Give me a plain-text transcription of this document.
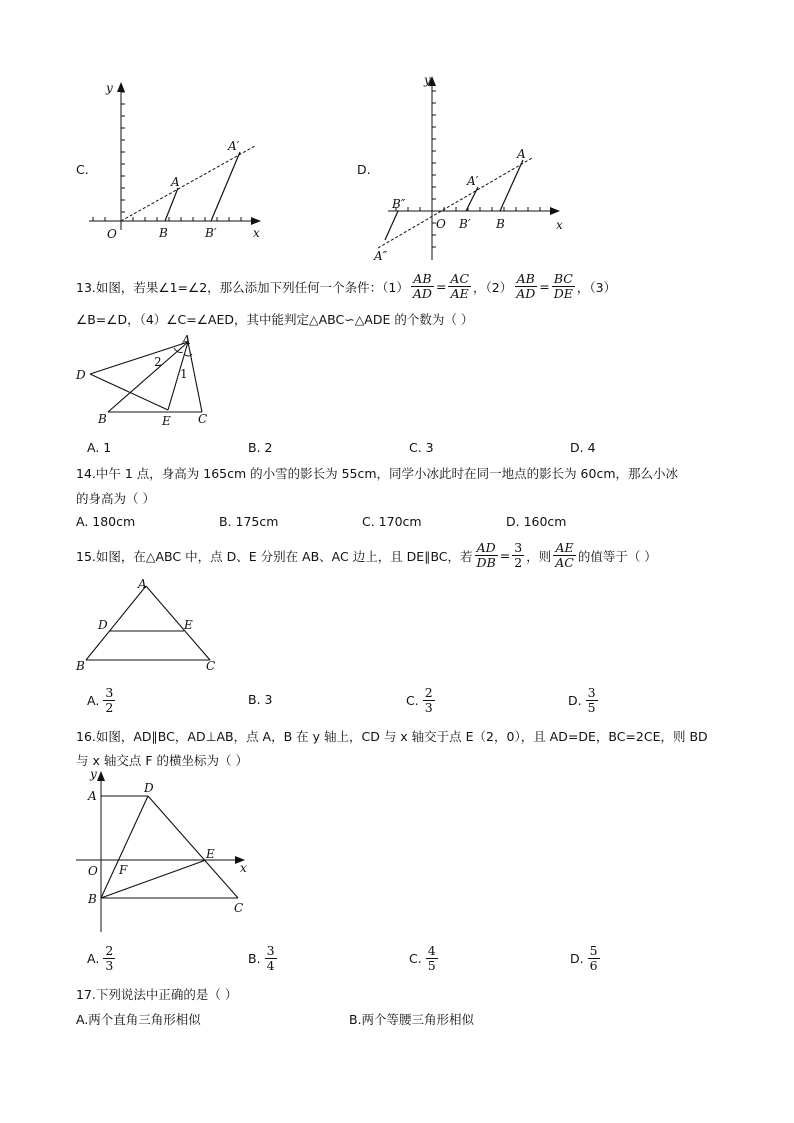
C.
y
x
O
A
A′
B	B′
D.
y
x
O
A
A′
B
B′
B″
A″
13.如图，若果∠1=∠2，那么添加下列任何一个条件：$(1) \frac{AB}{AD} = \frac{AC}{AE}$ ，$(2) \frac{AB}{AD} = \frac{BC}{DE}$ ，（3）
∠B=∠D，（4）∠C=∠AED，其中能判定△ABC∽△ADE 的个数为（ ）
A
D
B	E C
2
1
A. 1	B. 2	C. 3	D. 4
14.中午 1 点，身高为 165cm 的小雪的影长为 55cm，同学小冰此时在同一地点的影长为 60cm，那么小冰
的身高为（ ）
A. 180cm	B. 175cm	C. 170cm	D. 160cm
15.如图，在△ABC 中，点 D、E 分别在 AB、AC 边上，且 DE∥BC，若 $\frac{AD}{DB} = \frac{3}{2}$ ，则 $\frac{AE}{AC}$ 的值等于（ ）
A
D	E
B	C
A. $\frac{3}{2}$	B. 3	C. $\frac{2}{3}$	D. $\frac{3}{5}$
16.如图，AD∥BC，AD⊥AB，点 A，B 在 y 轴上，CD 与 x 轴交于点 E（2，0），且 AD=DE，BC=2CE，则 BD
与 x 轴交点 F 的横坐标为（ ）
y
x
O
A
D
E
F
B
C
A. $\frac{2}{3}$	B. $\frac{3}{4}$	C. $\frac{4}{5}$	D. $\frac{5}{6}$
17.下列说法中正确的是（ ）
A.两个直角三角形相似	B.两个等腰三角形相似
